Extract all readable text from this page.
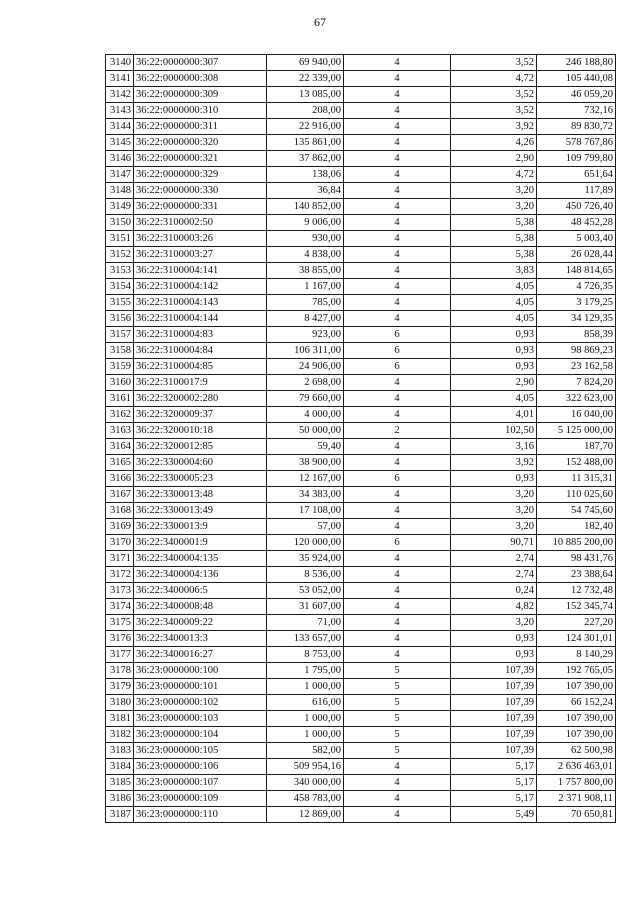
67
3140	36:22:0000000:307	69 940,00	4	3,52	246 188,80
3141	36:22:0000000:308	22 339,00	4	4,72	105 440,08
3142	36:22:0000000:309	13 085,00	4	3,52	46 059,20
3143	36:22:0000000:310	208,00	4	3,52	732,16
3144	36:22:0000000:311	22 916,00	4	3,92	89 830,72
3145	36:22:0000000:320	135 861,00	4	4,26	578 767,86
3146	36:22:0000000:321	37 862,00	4	2,90	109 799,80
3147	36:22:0000000:329	138,06	4	4,72	651,64
3148	36:22:0000000:330	36,84	4	3,20	117,89
3149	36:22:0000000:331	140 852,00	4	3,20	450 726,40
3150	36:22:3100002:50	9 006,00	4	5,38	48 452,28
3151	36:22:3100003:26	930,00	4	5,38	5 003,40
3152	36:22:3100003:27	4 838,00	4	5,38	26 028,44
3153	36:22:3100004:141	38 855,00	4	3,83	148 814,65
3154	36:22:3100004:142	1 167,00	4	4,05	4 726,35
3155	36:22:3100004:143	785,00	4	4,05	3 179,25
3156	36:22:3100004:144	8 427,00	4	4,05	34 129,35
3157	36:22:3100004:83	923,00	6	0,93	858,39
3158	36:22:3100004:84	106 311,00	6	0,93	98 869,23
3159	36:22:3100004:85	24 906,00	6	0,93	23 162,58
3160	36:22:3100017:9	2 698,00	4	2,90	7 824,20
3161	36:22:3200002:280	79 660,00	4	4,05	322 623,00
3162	36:22:3200009:37	4 000,00	4	4,01	16 040,00
3163	36:22:3200010:18	50 000,00	2	102,50	5 125 000,00
3164	36:22:3200012:85	59,40	4	3,16	187,70
3165	36:22:3300004:60	38 900,00	4	3,92	152 488,00
3166	36:22:3300005:23	12 167,00	6	0,93	11 315,31
3167	36:22:3300013:48	34 383,00	4	3,20	110 025,60
3168	36:22:3300013:49	17 108,00	4	3,20	54 745,60
3169	36:22:3300013:9	57,00	4	3,20	182,40
3170	36:22:3400001:9	120 000,00	6	90,71	10 885 200,00
3171	36:22:3400004:135	35 924,00	4	2,74	98 431,76
3172	36:22:3400004:136	8 536,00	4	2,74	23 388,64
3173	36:22:3400006:5	53 052,00	4	0,24	12 732,48
3174	36:22:3400008:48	31 607,00	4	4,82	152 345,74
3175	36:22:3400009:22	71,00	4	3,20	227,20
3176	36:22:3400013:3	133 657,00	4	0,93	124 301,01
3177	36:22:3400016:27	8 753,00	4	0,93	8 140,29
3178	36:23:0000000:100	1 795,00	5	107,39	192 765,05
3179	36:23:0000000:101	1 000,00	5	107,39	107 390,00
3180	36:23:0000000:102	616,00	5	107,39	66 152,24
3181	36:23:0000000:103	1 000,00	5	107,39	107 390,00
3182	36:23:0000000:104	1 000,00	5	107,39	107 390,00
3183	36:23:0000000:105	582,00	5	107,39	62 500,98
3184	36:23:0000000:106	509 954,16	4	5,17	2 636 463,01
3185	36:23:0000000:107	340 000,00	4	5,17	1 757 800,00
3186	36:23:0000000:109	458 783,00	4	5,17	2 371 908,11
3187	36:23:0000000:110	12 869,00	4	5,49	70 650,81
